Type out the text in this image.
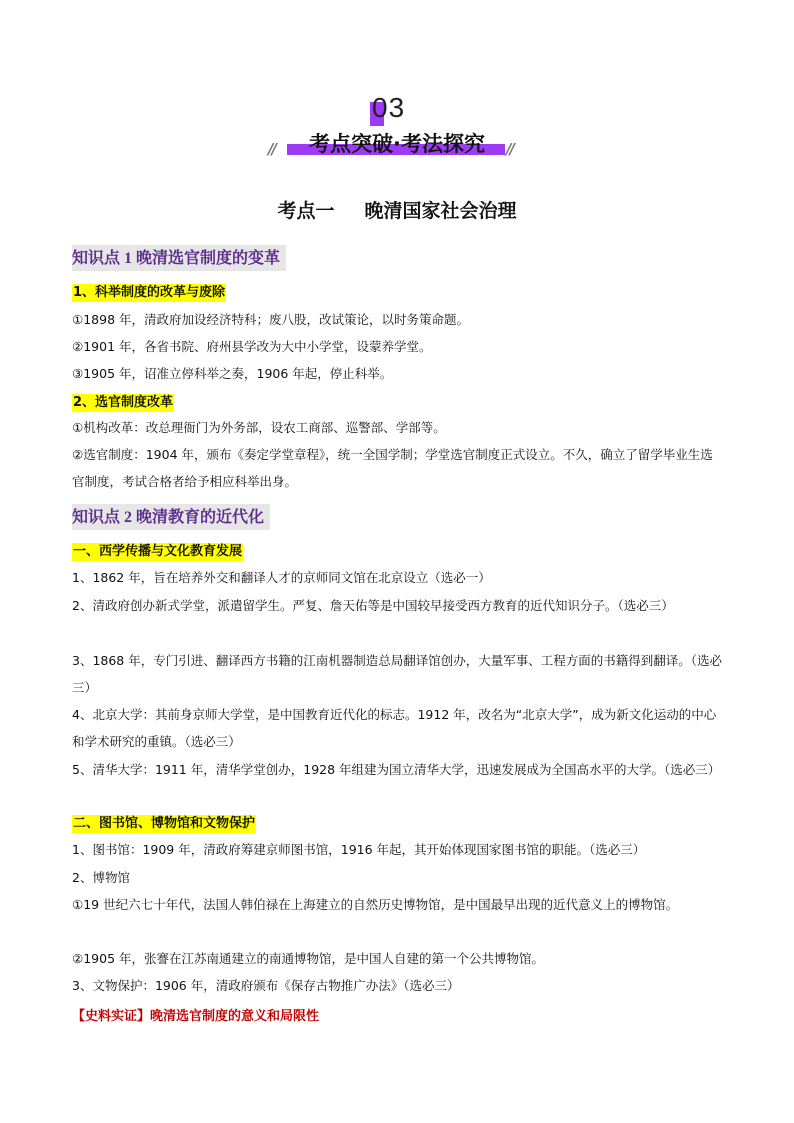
03
考点突破·考法探究
//	//
考点一 晚清国家社会治理
知识点 1 晚清选官制度的变革
1、科举制度的改革与废除
①1898 年，清政府加设经济特科；废八股，改试策论，以时务策命题。
②1901 年，各省书院、府州县学改为大中小学堂，设蒙养学堂。
③1905 年，诏准立停科举之奏，1906 年起，停止科举。
2、选官制度改革
①机构改革：改总理衙门为外务部，设农工商部、巡警部、学部等。
②选官制度：1904 年，颁布《奏定学堂章程》，统一全国学制；学堂选官制度正式设立。不久，确立了留学毕业生选官制度，考试合格者给予相应科举出身。
知识点 2 晚清教育的近代化
一、西学传播与文化教育发展
1、1862 年，旨在培养外交和翻译人才的京师同文馆在北京设立（选必一）
2、清政府创办新式学堂，派遣留学生。严复、詹天佑等是中国较早接受西方教育的近代知识分子。（选必三）
3、1868 年，专门引进、翻译西方书籍的江南机器制造总局翻译馆创办，大量军事、工程方面的书籍得到翻译。（选必三）
4、北京大学：其前身京师大学堂，是中国教育近代化的标志。1912 年，改名为“北京大学”，成为新文化运动的中心和学术研究的重镇。（选必三）
5、清华大学：1911 年，清华学堂创办，1928 年组建为国立清华大学，迅速发展成为全国高水平的大学。（选必三）
二、图书馆、博物馆和文物保护
1、图书馆：1909 年，清政府筹建京师图书馆，1916 年起，其开始体现国家图书馆的职能。（选必三）
2、博物馆
①19 世纪六七十年代，法国人韩伯禄在上海建立的自然历史博物馆，是中国最早出现的近代意义上的博物馆。
②1905 年，张謇在江苏南通建立的南通博物馆，是中国人自建的第一个公共博物馆。
3、文物保护：1906 年，清政府颁布《保存古物推广办法》（选必三）
【史料实证】晚清选官制度的意义和局限性
